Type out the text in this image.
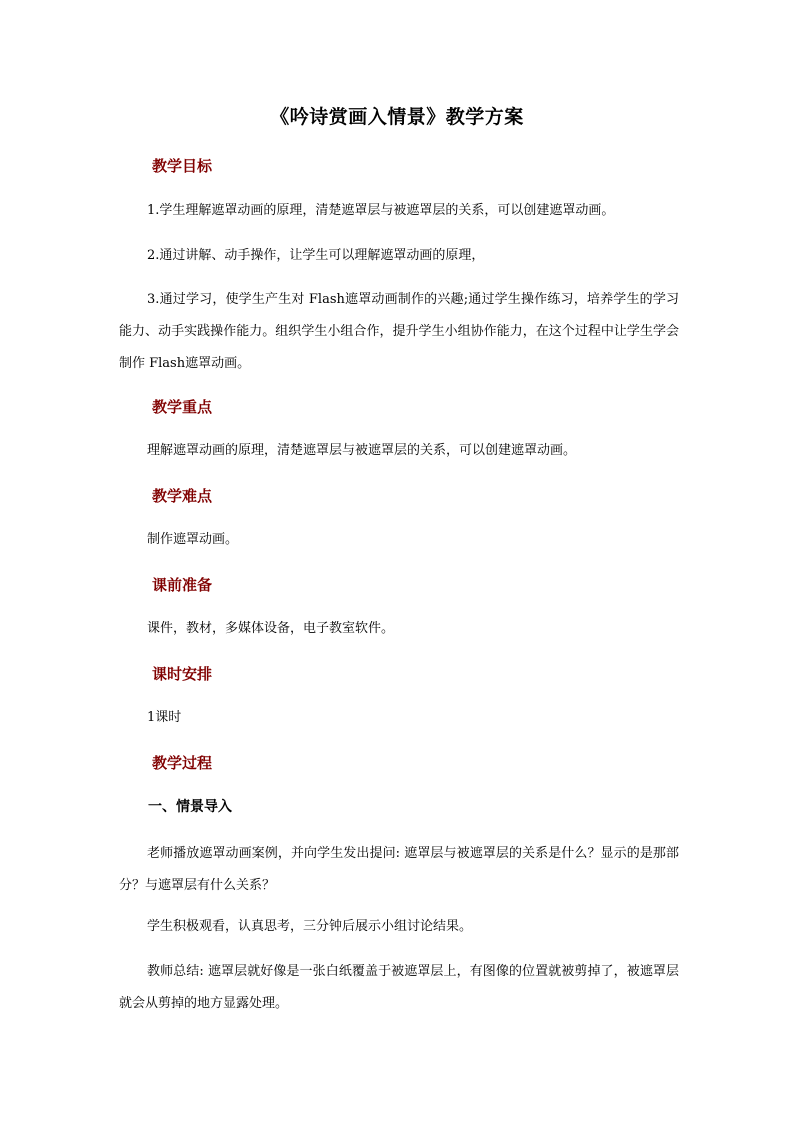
《吟诗赏画入情景》教学方案
教学目标
1.学生理解遮罩动画的原理，清楚遮罩层与被遮罩层的关系，可以创建遮罩动画。
2.通过讲解、动手操作，让学生可以理解遮罩动画的原理，
3.通过学习，使学生产生对 Flash遮罩动画制作的兴趣;通过学生操作练习，培养学生的学习能力、动手实践操作能力。组织学生小组合作，提升学生小组协作能力，在这个过程中让学生学会制作 Flash遮罩动画。
教学重点
理解遮罩动画的原理，清楚遮罩层与被遮罩层的关系，可以创建遮罩动画。
教学难点
制作遮罩动画。
课前准备
课件，教材，多媒体设备，电子教室软件。
课时安排
1课时
教学过程
一、情景导入
老师播放遮罩动画案例，并向学生发出提问: 遮罩层与被遮罩层的关系是什么？显示的是那部分？与遮罩层有什么关系？
学生积极观看，认真思考，三分钟后展示小组讨论结果。
教师总结: 遮罩层就好像是一张白纸覆盖于被遮罩层上，有图像的位置就被剪掉了，被遮罩层就会从剪掉的地方显露处理。
